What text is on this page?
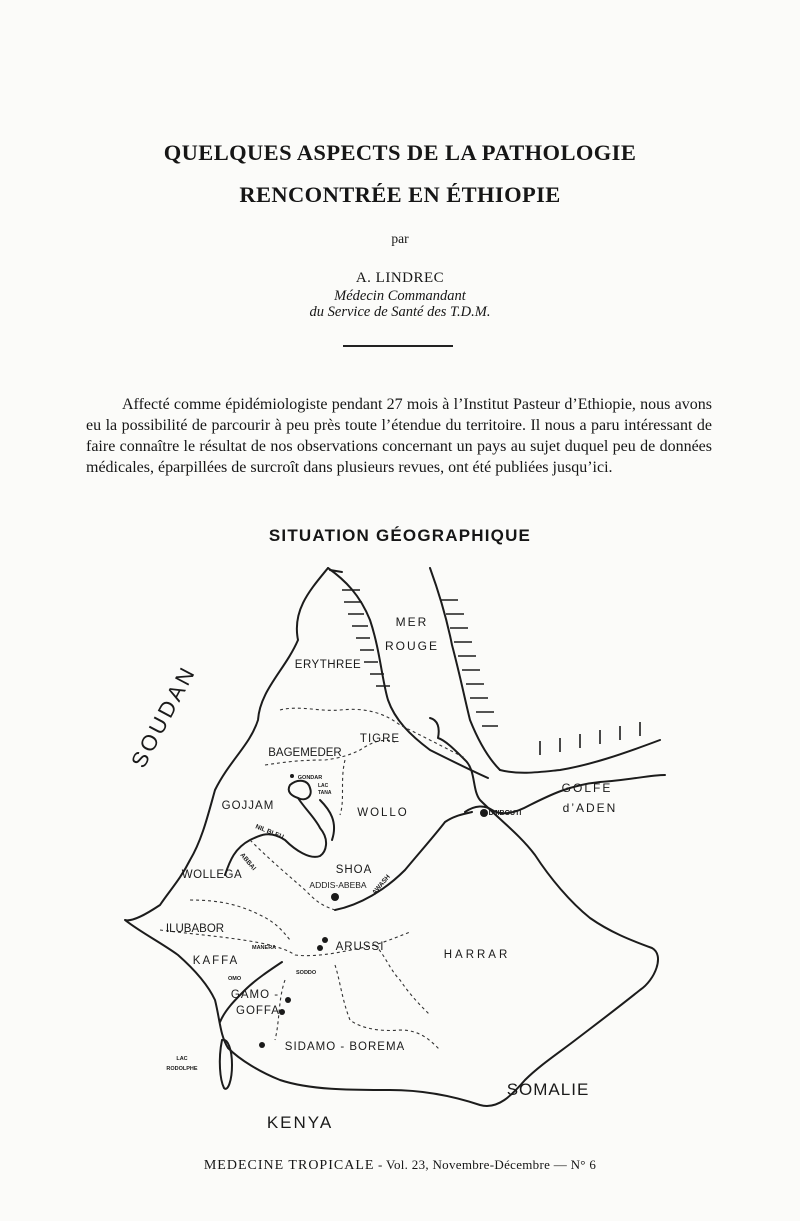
QUELQUES ASPECTS DE LA PATHOLOGIE
RENCONTRÉE EN ÉTHIOPIE
par
A. LINDREC
Médecin Commandant
du Service de Santé des T.D.M.

Affecté comme épidémiologiste pendant 27 mois à l’Institut Pasteur d’Ethiopie, nous avons eu la possibilité de parcourir à peu près toute l’étendue du territoire. Il nous a paru intéressant de faire connaître le résultat de nos observations concernant un pays au sujet duquel peu de données médicales, éparpillées de surcroît dans plusieurs revues, ont été publiées jusqu’ici.

SITUATION GÉOGRAPHIQUE
SOUDAN
KENYA
SOMALIE
MER
ROUGE
GOLFE
d’ADEN
ERYTHREE
TIGRE
BAGEMEDER
GOJJAM
WOLLO
WOLLEGA	SHOA
ILUBABOR
ARUSSI
KAFFA	HARRAR
GAMO -
GOFFA
SIDAMO - BOREMA
ADDIS-ABEBA
DJIBOUTI
GONDAR
LAC
TANA
NIL BLEU
ABBAI
AWASH
MANERA
SODDO
OMO
LAC
RODOLPHE
MEDECINE TROPICALE - Vol. 23, Novembre-Décembre — N° 6
